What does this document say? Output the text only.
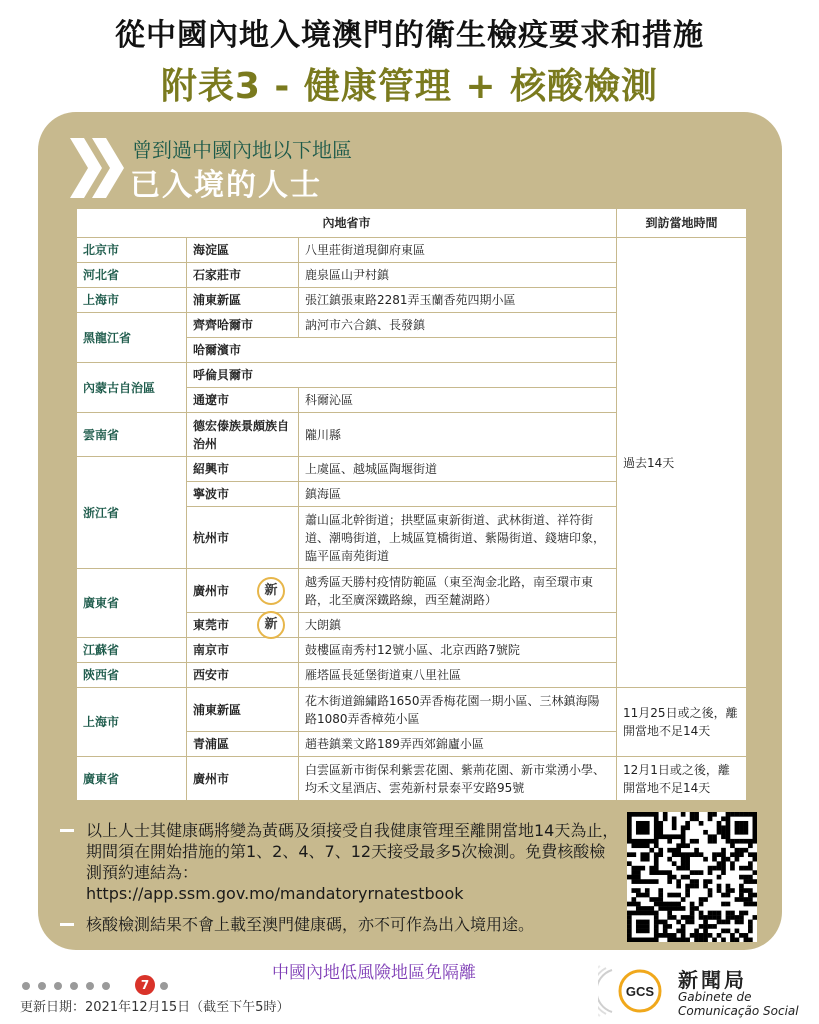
從中國內地入境澳門的衛生檢疫要求和措施
附表3 - 健康管理 + 核酸檢測
曾到過中國內地以下地區
已入境的人士
內地省市			到訪當地時間
北京市	海淀區	八里莊街道現御府東區	過去14天
河北省	石家莊市	鹿泉區山尹村鎮	
上海市	浦東新區	張江鎮張東路2281弄玉蘭香苑四期小區	
黑龍江省	齊齊哈爾市	訥河市六合鎮、長發鎮	
	哈爾濱市		
內蒙古自治區	呼倫貝爾市		
	通遼市	科爾沁區	
雲南省	德宏傣族景頗族自治州	隴川縣	
浙江省	紹興市	上虞區、越城區陶堰街道	
	寧波市	鎮海區	
	杭州市	蕭山區北幹街道；拱墅區東新街道、武林街道、祥符街道、潮鳴街道，上城區筧橋街道、紫陽街道、錢塘印象，臨平區南苑街道	
廣東省	廣州市 新	越秀區天勝村疫情防範區（東至淘金北路，南至環市東路，北至廣深鐵路線，西至麓湖路）	

	東莞市 新	大朗鎮	
江蘇省	南京市	鼓樓區南秀村12號小區、北京西路7號院	
陝西省	西安市	雁塔區長延堡街道東八里社區	
上海市	浦東新區	花木街道錦繡路1650弄香梅花園一期小區、三林鎮海陽路1080弄香樟苑小區	11月25日或之後，離開當地不足14天
	青浦區	趙巷鎮業文路189弄西郊錦廬小區	
廣東省	廣州市	白雲區新市街保利紫雲花園、紫荊花園、新市棠湧小學、均禾文星酒店、雲苑新村景泰平安路95號	12月1日或之後，離開當地不足14天
以上人士其健康碼將變為黃碼及須接受自我健康管理至離開當地14天為止，期間須在開始措施的第1、2、4、7、12天接受最多5次檢測。免費核酸檢測預約連結為：
https://app.ssm.gov.mo/mandatoryrnatestbook
核酸檢測結果不會上載至澳門健康碼，亦不可作為出入境用途。
中國內地低風險地區免隔離
7
更新日期：2021年12月15日（截至下午5時）
GCS 新聞局
Gabinete de
Comunicação Social
